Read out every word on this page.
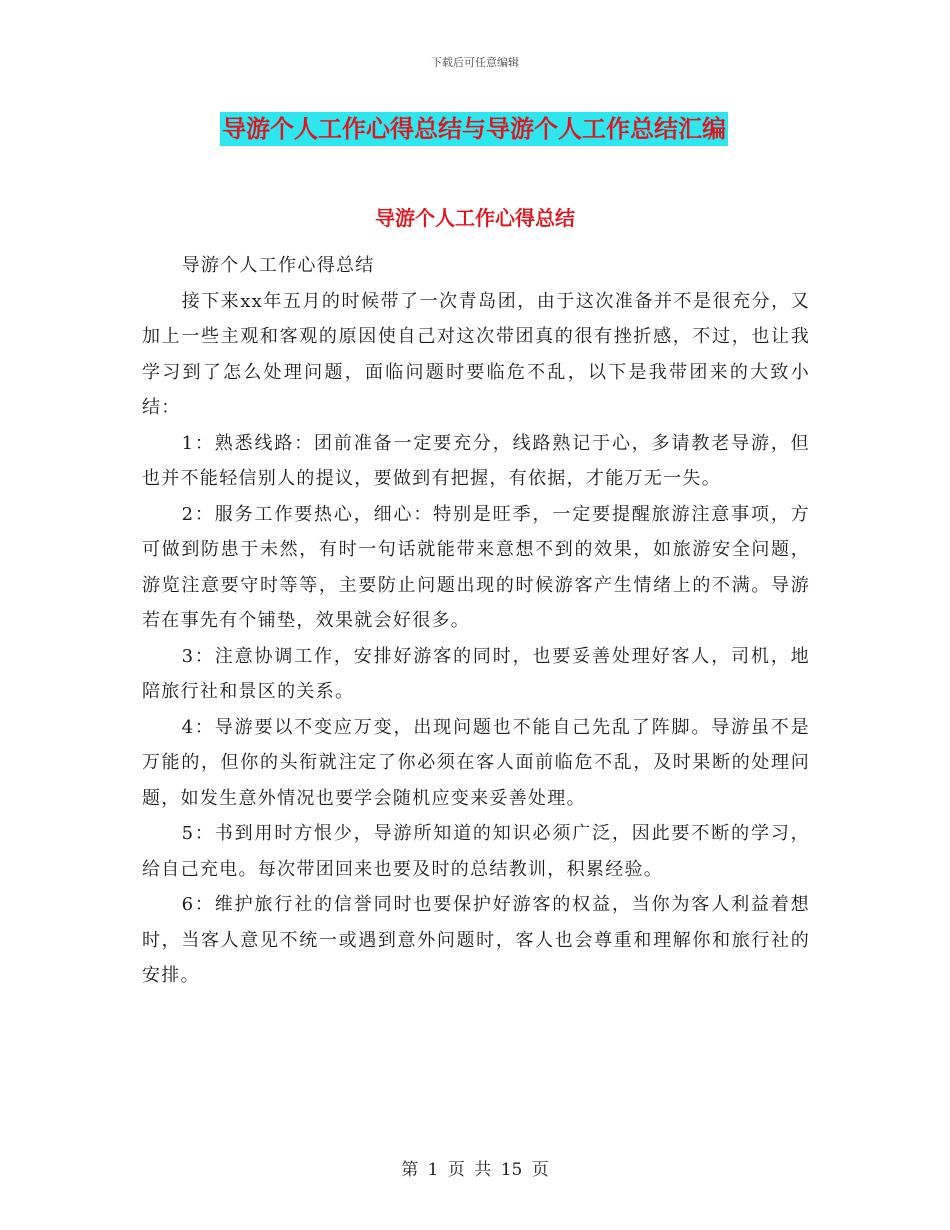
下载后可任意编辑
导游个人工作心得总结与导游个人工作总结汇编
导游个人工作心得总结

导游个人工作心得总结

接下来xx年五月的时候带了一次青岛团，由于这次准备并不是很充分，又加上一些主观和客观的原因使自己对这次带团真的很有挫折感，不过，也让我学习到了怎么处理问题，面临问题时要临危不乱，以下是我带团来的大致小结：

1：熟悉线路：团前准备一定要充分，线路熟记于心，多请教老导游，但也并不能轻信别人的提议，要做到有把握，有依据，才能万无一失。

2：服务工作要热心，细心：特别是旺季，一定要提醒旅游注意事项，方可做到防患于未然，有时一句话就能带来意想不到的效果，如旅游安全问题，游览注意要守时等等，主要防止问题出现的时候游客产生情绪上的不满。导游若在事先有个铺垫，效果就会好很多。

3：注意协调工作，安排好游客的同时，也要妥善处理好客人，司机，地陪旅行社和景区的关系。

4：导游要以不变应万变，出现问题也不能自己先乱了阵脚。导游虽不是万能的，但你的头衔就注定了你必须在客人面前临危不乱，及时果断的处理问题，如发生意外情况也要学会随机应变来妥善处理。

5：书到用时方恨少，导游所知道的知识必须广泛，因此要不断的学习，给自己充电。每次带团回来也要及时的总结教训，积累经验。

6：维护旅行社的信誉同时也要保护好游客的权益，当你为客人利益着想时，当客人意见不统一或遇到意外问题时，客人也会尊重和理解你和旅行社的安排。

第 1 页 共 15 页
